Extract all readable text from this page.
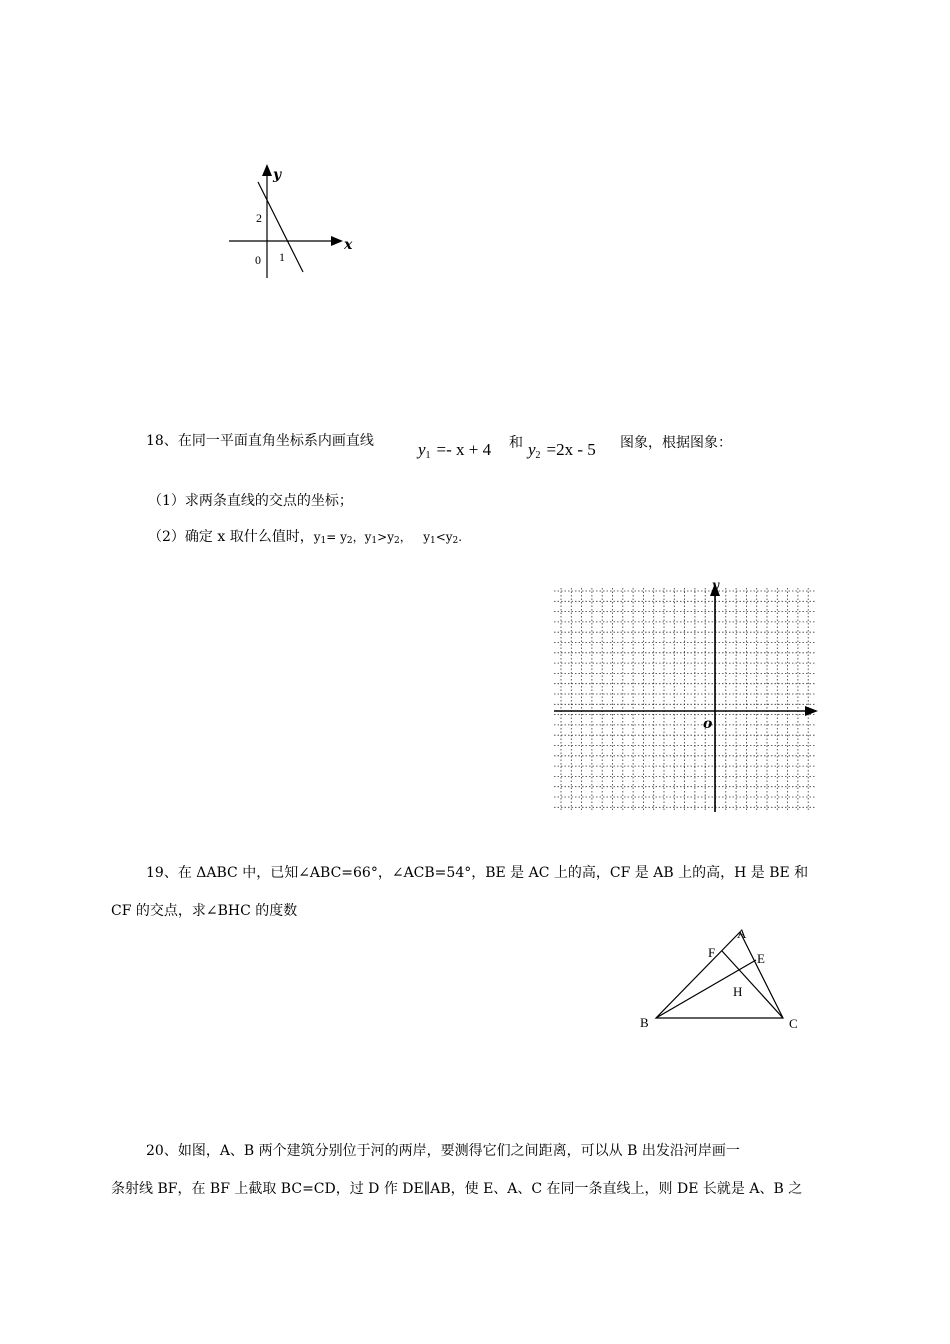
y
x
2
0 1
18、在同一平面直角坐标系内画直线	$y_1 =- x + 4$ 和 $y_2 =2x - 5$ 图象，根据图象：
（1）求两条直线的交点的坐标；
（2）确定 x 取什么值时，$y_1= y_2$，$y_1>y_2$， $y_1<y_2$.
y
o
19、在 ΔABC 中，已知∠ABC=66°，∠ACB=54°，BE 是 AC 上的高，CF 是 AB 上的高，H 是 BE 和
CF 的交点，求∠BHC 的度数
A
F	E
H
B	C
20、如图，A、B 两个建筑分别位于河的两岸，要测得它们之间距离，可以从 B 出发沿河岸画一
条射线 BF，在 BF 上截取 BC=CD，过 D 作 DE∥AB，使 E、A、C 在同一条直线上，则 DE 长就是 A、B 之
